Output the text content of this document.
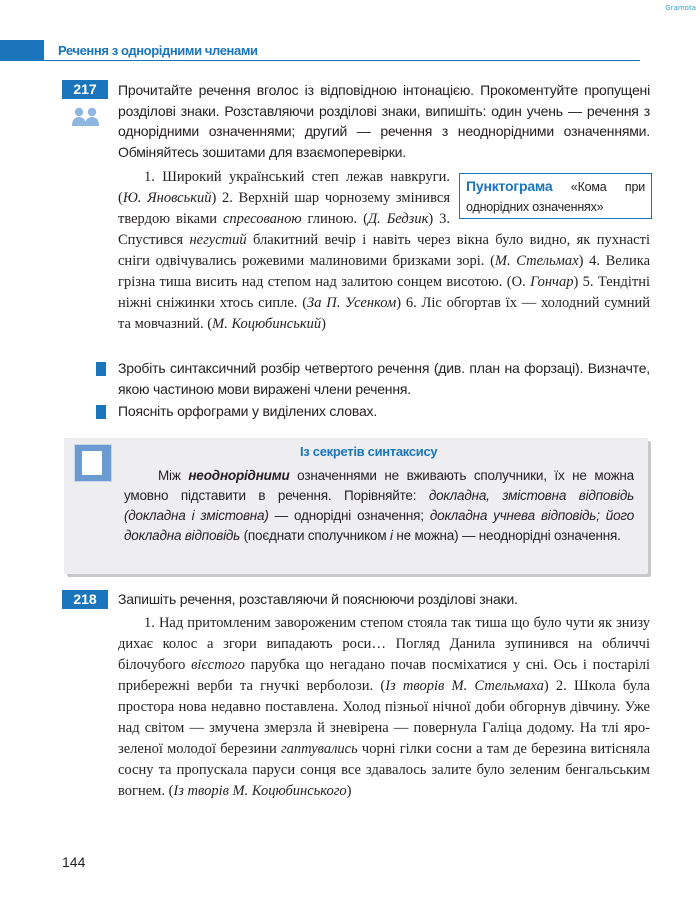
Gramota
Речення з однорідними членами
217	Прочитайте речення вголос із відповідною інтонацією. Прокоментуйте пропущені розділові знаки. Розставляючи розділові знаки, випишіть: один учень — речення з однорідними означеннями; другий — речення з неоднорідними означеннями. Обміняйтесь зошитами для взаємоперевірки.

1. Широкий український степ лежав навкруги. (Ю. Яновський) 2. Верхній шар чорнозему змінився твердою віками спресованою глиною. (Д. Бедзик) 3. Спустився негустий блакитний вечір і навіть через вікна було видно, як пухнасті сніги одвічувались рожевими малиновими бризками зорі. (М. Стельмах) 4. Велика грізна тиша висить над степом над залитою сонцем висотою. (О. Гончар) 5. Тендітні ніжні сніжинки хтось сипле. (За П. Усенком) 6. Ліс обгортав їх — холодний сумний та мовчазний. (М. Коцюбинський)

Пунктограма «Кома при однорідних означеннях»

Зробіть синтаксичний розбір четвертого речення (див. план на форзаці). Визначте, якою частиною мови виражені члени речення.

Поясніть орфограми у виділених словах.

Із секретів синтаксису

Між неоднорідними означеннями не вживають сполучники, їх не можна умовно підставити в речення. Порівняйте: докладна, змістовна відповідь (докладна і змістовна) — однорідні означення; докладна учнева відповідь; його докладна відповідь (поєднати сполучником і не можна) — неоднорідні означення.

218	Запишіть речення, розставляючи й пояснюючи розділові знаки.

1. Над притомленим завороженим степом стояла так тиша що було чути як знизу дихає колос а згори випадають роси… Погляд Данила зупинився на обличчі білочубого вієстого парубка що негадано почав посміхатися у сні. Ось і постарілі прибережні верби та гнучкі верболози. (Із творів М. Стельмаха) 2. Школа була простора нова недавно поставлена. Холод пізньої нічної доби обгорнув дівчину. Уже над світом — змучена змерзла й зневірена — повернула Галіца додому. На тлі яро-зеленої молодої березини гаптувались чорні гілки сосни а там де березина витісняла сосну та пропускала паруси сонця все здавалось залите було зеленим бенгальським вогнем. (Із творів М. Коцюбинського)

144
